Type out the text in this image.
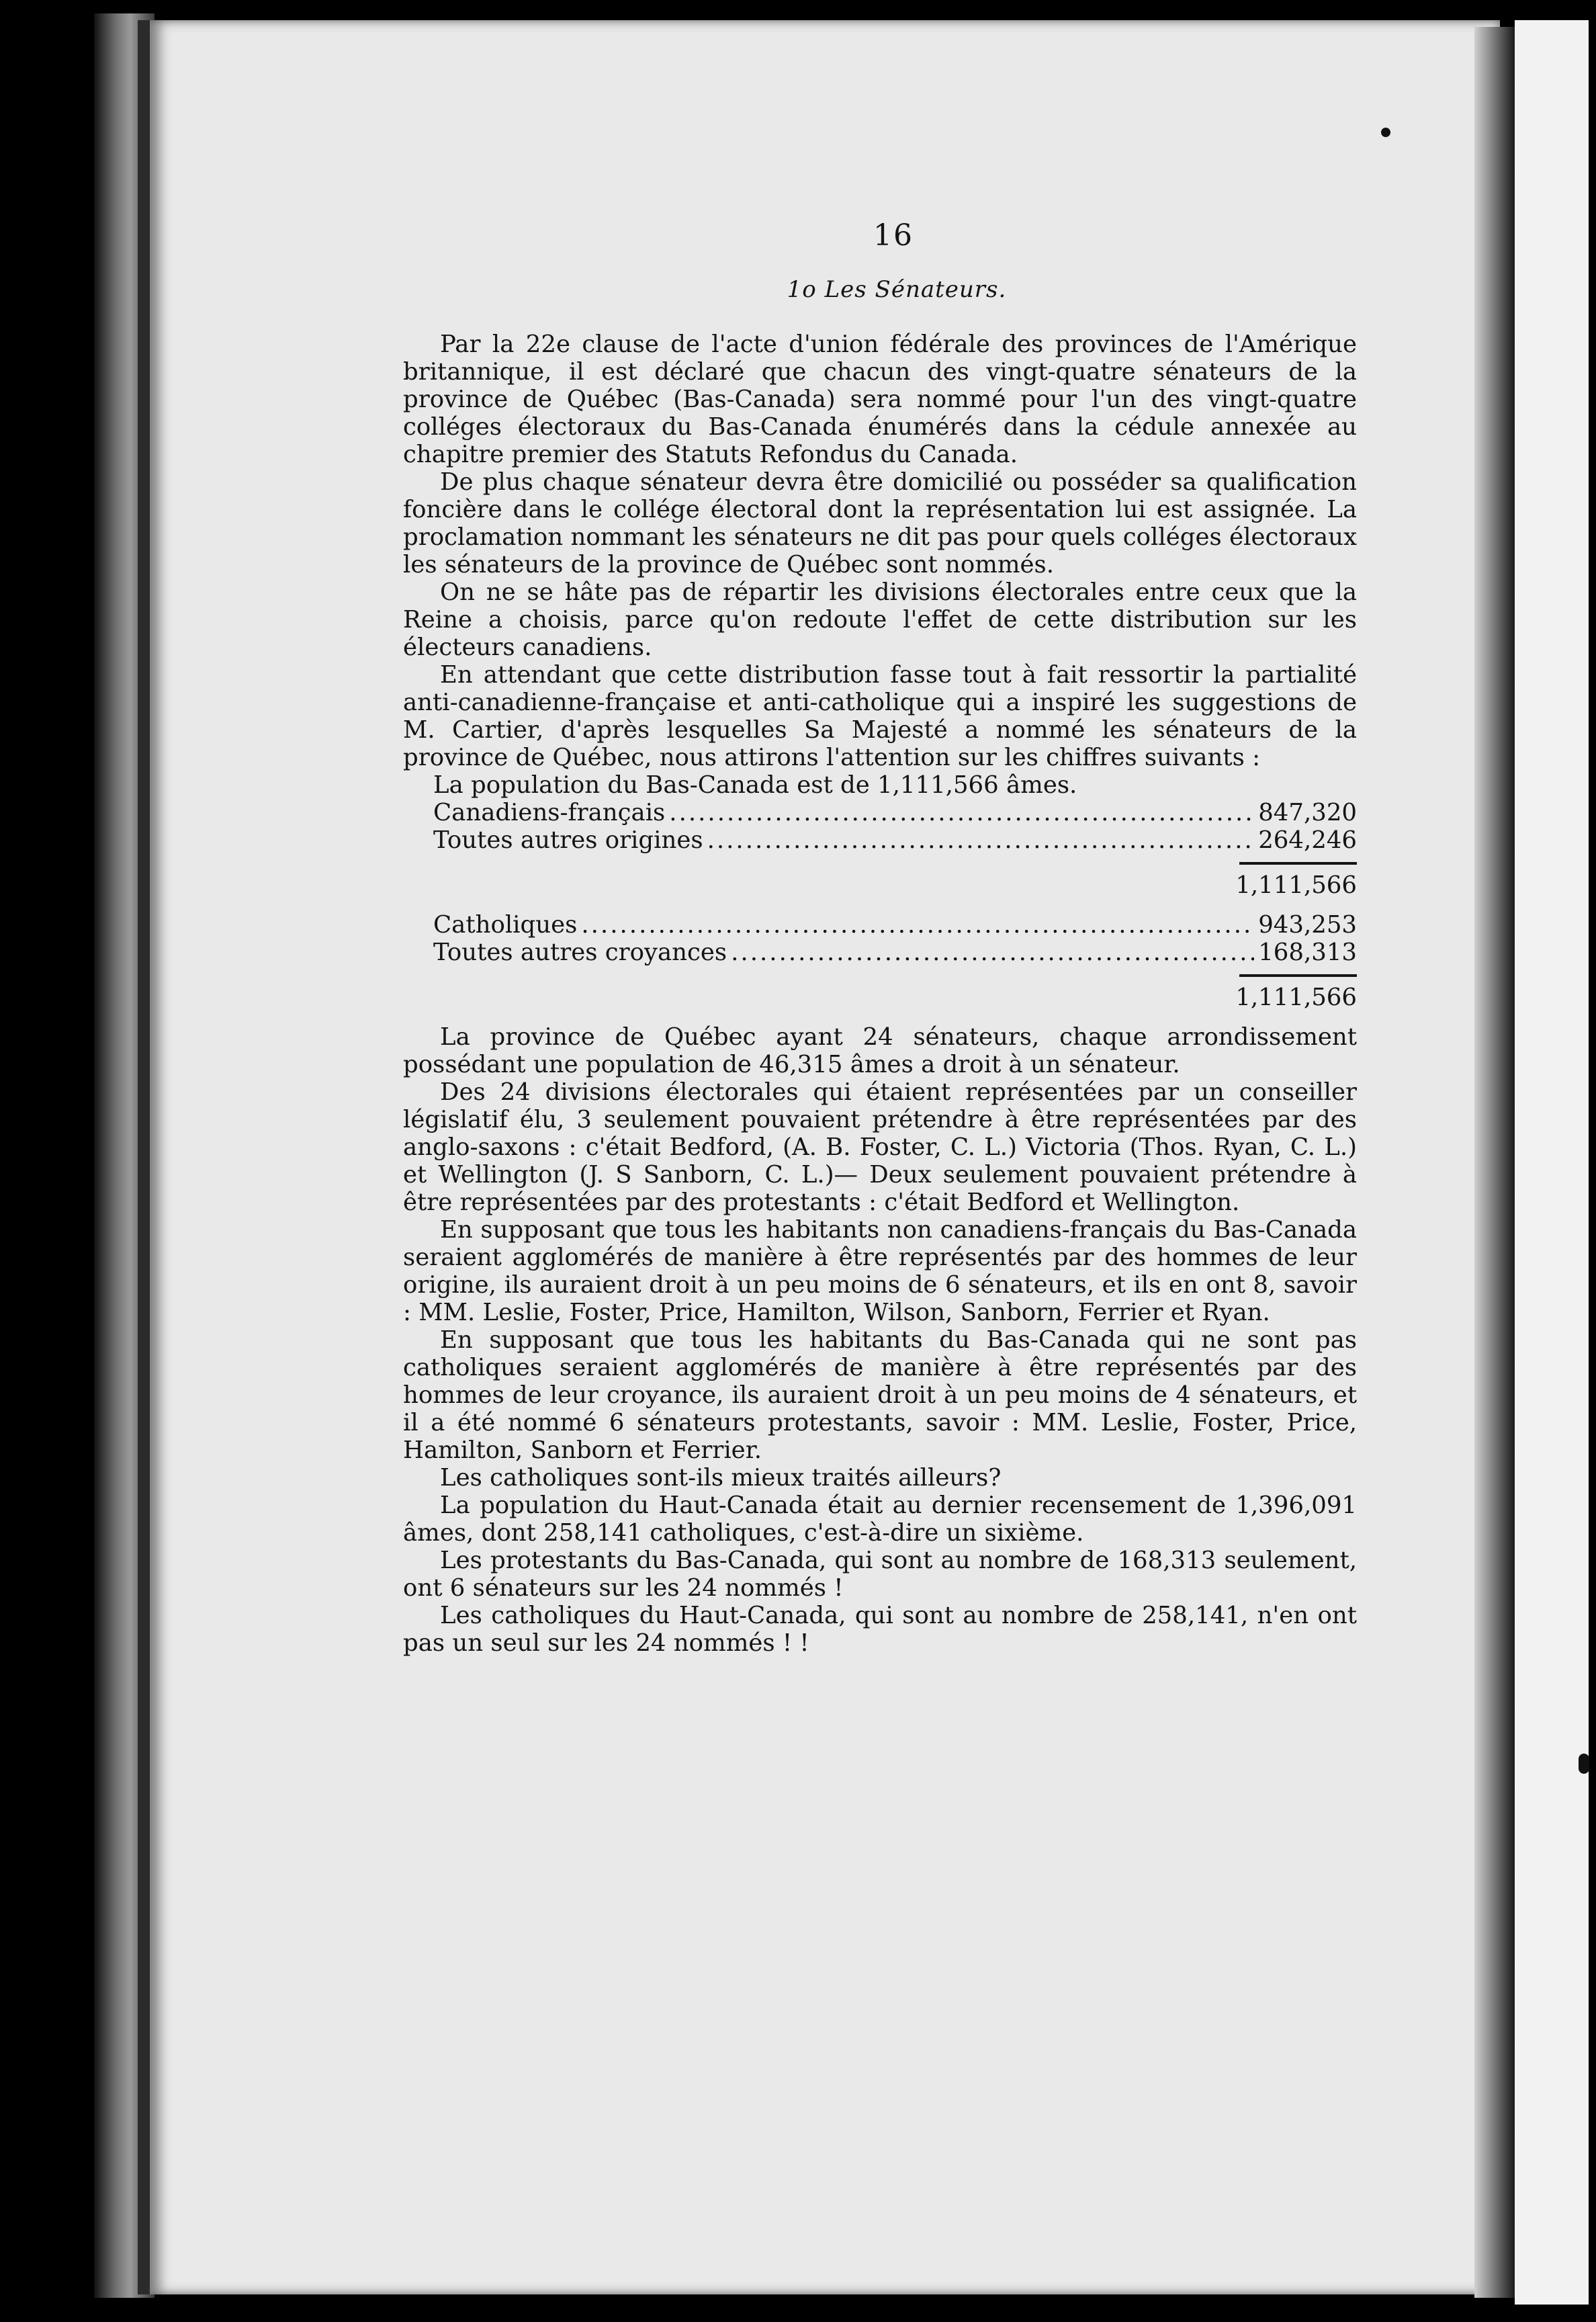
16
1o Les Sénateurs.

Par la 22e clause de l'acte d'union fédérale des provinces de l'Amérique britannique, il est déclaré que chacun des vingt-quatre sénateurs de la province de Québec (Bas-Canada) sera nommé pour l'un des vingt-quatre colléges électoraux du Bas-Canada énumérés dans la cédule annexée au chapitre premier des Statuts Refondus du Canada.

De plus chaque sénateur devra être domicilié ou posséder sa qualification foncière dans le collége électoral dont la représentation lui est assignée. La proclamation nommant les sénateurs ne dit pas pour quels colléges électoraux les sénateurs de la province de Québec sont nommés.

On ne se hâte pas de répartir les divisions électorales entre ceux que la Reine a choisis, parce qu'on redoute l'effet de cette distribution sur les électeurs canadiens.

En attendant que cette distribution fasse tout à fait ressortir la partialité anti-canadienne-française et anti-catholique qui a inspiré les suggestions de M. Cartier, d'après lesquelles Sa Majesté a nommé les sénateurs de la province de Québec, nous attirons l'attention sur les chiffres suivants :

La population du Bas-Canada est de 1,111,566 âmes.
Canadiens-français .....	847,320
Toutes autres origines .....	264,246
1,111,566
Catholiques .....	943,253
Toutes autres croyances .....	168,313
1,111,566

La province de Québec ayant 24 sénateurs, chaque arrondissement possédant une population de 46,315 âmes a droit à un sénateur.

Des 24 divisions électorales qui étaient représentées par un conseiller législatif élu, 3 seulement pouvaient prétendre à être représentées par des anglo-saxons : c'était Bedford, (A. B. Foster, C. L.) Victoria (Thos. Ryan, C. L.) et Wellington (J. S Sanborn, C. L.)— Deux seulement pouvaient prétendre à être représentées par des protestants : c'était Bedford et Wellington.

En supposant que tous les habitants non canadiens-français du Bas-Canada seraient agglomérés de manière à être représentés par des hommes de leur origine, ils auraient droit à un peu moins de 6 sénateurs, et ils en ont 8, savoir : MM. Leslie, Foster, Price, Hamilton, Wilson, Sanborn, Ferrier et Ryan.

En supposant que tous les habitants du Bas-Canada qui ne sont pas catholiques seraient agglomérés de manière à être représentés par des hommes de leur croyance, ils auraient droit à un peu moins de 4 sénateurs, et il a été nommé 6 sénateurs protestants, savoir : MM. Leslie, Foster, Price, Hamilton, Sanborn et Ferrier.

Les catholiques sont-ils mieux traités ailleurs?

La population du Haut-Canada était au dernier recensement de 1,396,091 âmes, dont 258,141 catholiques, c'est-à-dire un sixième.

Les protestants du Bas-Canada, qui sont au nombre de 168,313 seulement, ont 6 sénateurs sur les 24 nommés !

Les catholiques du Haut-Canada, qui sont au nombre de 258,141, n'en ont pas un seul sur les 24 nommés ! !
